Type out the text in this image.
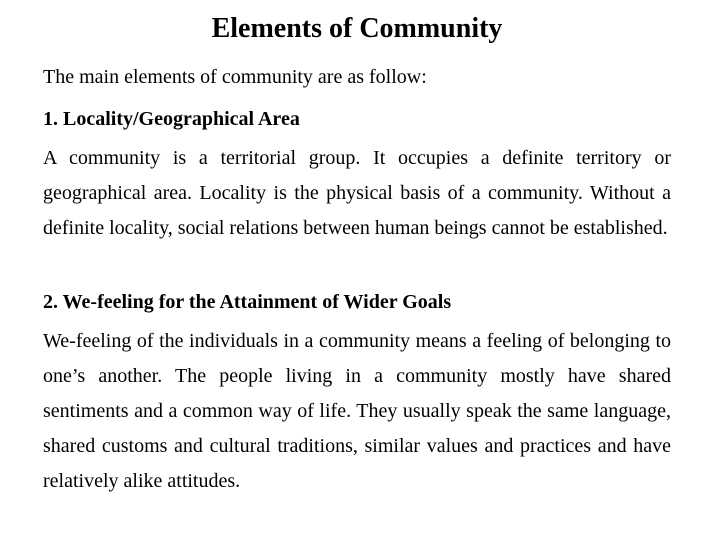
Elements of Community

The main elements of community are as follow:

1. Locality/Geographical Area

A community is a territorial group. It occupies a definite territory or geographical area. Locality is the physical basis of a community. Without a definite locality, social relations between human beings cannot be established.

2. We-feeling for the Attainment of Wider Goals

We-feeling of the individuals in a community means a feeling of belonging to one’s another. The people living in a community mostly have shared sentiments and a common way of life. They usually speak the same language, shared customs and cultural traditions, similar values and practices and have relatively alike attitudes.
